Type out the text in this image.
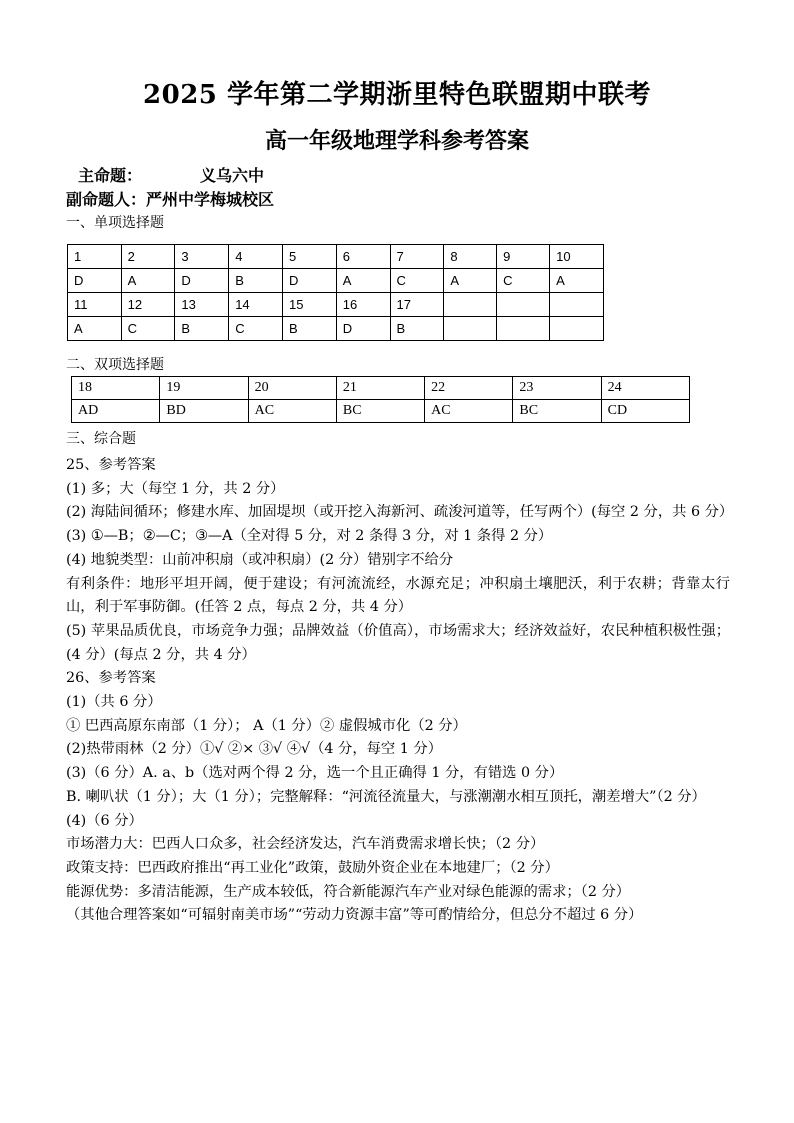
2025 学年第二学期浙里特色联盟期中联考
高一年级地理学科参考答案
主命题：	义乌六中
副命题人：严州中学梅城校区
一、单项选择题
1	2	3	4	5	6	7	8	9	10
D	A	D	B	D	A	C	A	C	A
11	12	13	14	15	16	17			
A	C	B	C	B	D	B			
二、双项选择题
18	19	20	21	22	23	24
AD	BD	AC	BC	AC	BC	CD
三、综合题

25、参考答案

(1) 多；大（每空 1 分，共 2 分）

(2) 海陆间循环；修建水库、加固堤坝（或开挖入海新河、疏浚河道等，任写两个）(每空 2 分，共 6 分）

(3) ①—B；②—C；③—A（全对得 5 分，对 2 条得 3 分，对 1 条得 2 分）

(4) 地貌类型：山前冲积扇（或冲积扇）(2 分）错别字不给分

有利条件：地形平坦开阔，便于建设；有河流流经，水源充足；冲积扇土壤肥沃，利于农耕；背靠太行山，利于军事防御。(任答 2 点，每点 2 分，共 4 分）

(5) 苹果品质优良，市场竞争力强；品牌效益（价值高），市场需求大；经济效益好，农民种植积极性强；(4 分）(每点 2 分，共 4 分）

26、参考答案

(1)（共 6 分）

① 巴西高原东南部（1 分）； A（1 分）② 虚假城市化（2 分）

(2)热带雨林（2 分）①√ ②× ③√ ④√（4 分，每空 1 分）

(3)（6 分）A. a、b（选对两个得 2 分，选一个且正确得 1 分，有错选 0 分）

B. 喇叭状（1 分）；大（1 分）；完整解释：“河流径流量大，与涨潮潮水相互顶托，潮差增大”（2 分）

(4)（6 分）

市场潜力大：巴西人口众多，社会经济发达，汽车消费需求增长快；（2 分）

政策支持：巴西政府推出“再工业化”政策，鼓励外资企业在本地建厂；（2 分）

能源优势：多清洁能源，生产成本较低，符合新能源汽车产业对绿色能源的需求；（2 分）

（其他合理答案如“可辐射南美市场”“劳动力资源丰富”等可酌情给分，但总分不超过 6 分）
